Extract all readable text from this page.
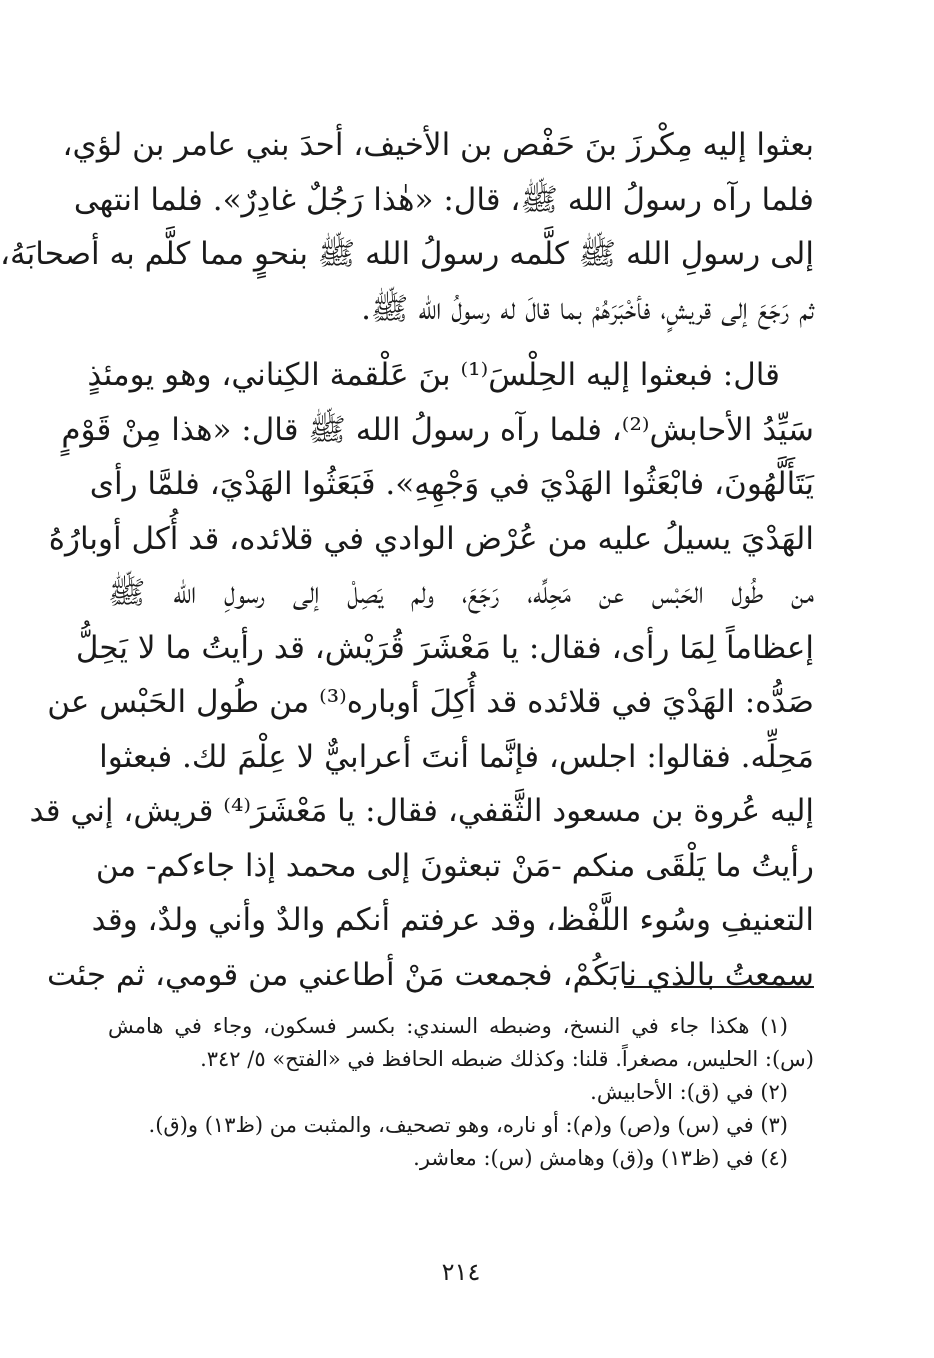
بعثوا إليه مِكْرزَ بنَ حَفْص بن الأخيف، أحدَ بني عامر بن لؤي،
فلما رآه رسولُ الله ﷺ، قال: «هٰذا رَجُلٌ غادِرٌ». فلما انتهى
إلى رسولِ الله ﷺ كلَّمه رسولُ الله ﷺ بنحوٍ مما كلَّم به أصحابَهُ،
ثم رَجَعَ إلى قريشٍ، فأخْبَرَهُمْ بما قالَ له رسولُ الله ﷺ.

قال: فبعثوا إليه الحِلْسَ⁽¹⁾ بنَ عَلْقمة الكِناني، وهو يومئذٍ
سَيِّدُ الأحابش⁽²⁾، فلما رآه رسولُ الله ﷺ قال: «هذا مِنْ قَوْمٍ
يَتَأَلَّهُونَ، فابْعَثُوا الهَدْيَ في وَجْهِهِ». فَبَعَثُوا الهَدْيَ، فلمَّا رأى
الهَدْيَ يسيلُ عليه من عُرْض الوادي في قلائده، قد أُكل أوبارُهُ
من طُول الحَبْس عن مَحِلِّه، رَجَعَ، ولم يَصِلْ إلى رسولِ الله ﷺ
إعظاماً لِمَا رأى، فقال: يا مَعْشَرَ قُرَيْش، قد رأيتُ ما لا يَحِلُّ
صَدُّه: الهَدْيَ في قلائده قد أُكِلَ أوباره⁽³⁾ من طُول الحَبْس عن
مَحِلِّه. فقالوا: اجلس، فإنَّما أنتَ أعرابيٌّ لا عِلْمَ لك. فبعثوا
إليه عُروة بن مسعود الثَّقفي، فقال: يا مَعْشَرَ⁽⁴⁾ قريش، إني قد
رأيتُ ما يَلْقَى منكم -مَنْ تبعثونَ إلى محمد إذا جاءكم- من
التعنيفِ وسُوء اللَّفْظ، وقد عرفتم أنكم والدٌ وأني ولدٌ، وقد
سمعتُ بالذي نابَكُمْ، فجمعت مَنْ أطاعني من قومي، ثم جئت

(١) هكذا جاء في النسخ، وضبطه السندي: بكسر فسكون، وجاء في هامش
(س): الحليس، مصغراً. قلنا: وكذلك ضبطه الحافظ في «الفتح» ٥/ ٣٤٢.
(٢) في (ق): الأحابيش.
(٣) في (س) و(ص) و(م): أو ناره، وهو تصحيف، والمثبت من (ظ١٣) و(ق).
(٤) في (ظ١٣) و(ق) وهامش (س): معاشر.
٢١٤
